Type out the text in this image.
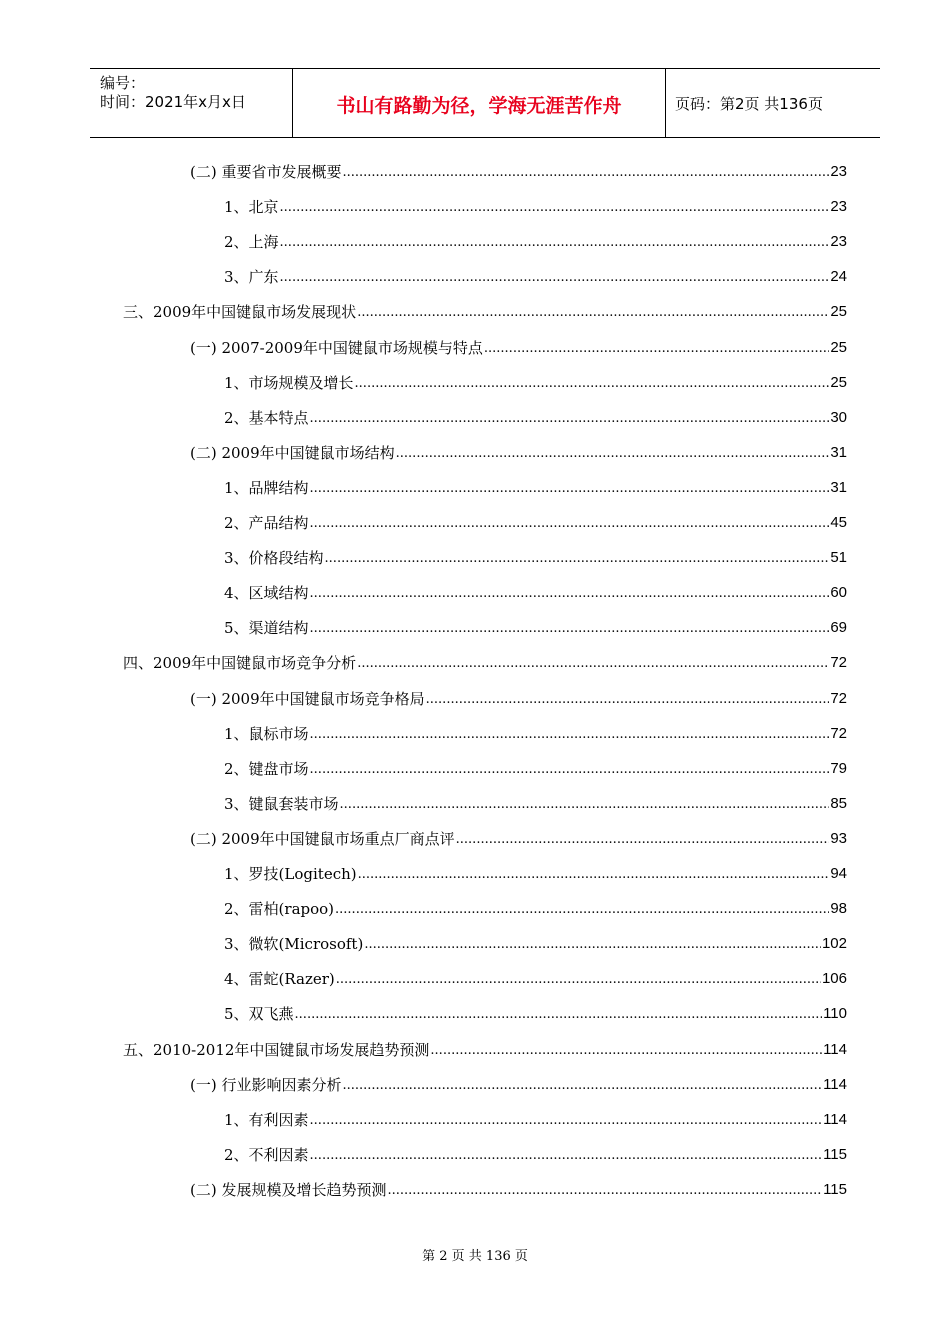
编号：
时间：2021年x月x日	书山有路勤为径，学海无涯苦作舟	页码：第2页 共136页
(二) 重要省市发展概要 .....	23
1、北京 .....	23
2、上海 .....	23
3、广东 .....	24
三、2009年中国键鼠市场发展现状 .....	25
(一) 2007-2009年中国键鼠市场规模与特点 .....	25
1、市场规模及增长 .....	25
2、基本特点 .....	30
(二) 2009年中国键鼠市场结构 .....	31
1、品牌结构 .....	31
2、产品结构 .....	45
3、价格段结构 .....	51
4、区域结构 .....	60
5、渠道结构 .....	69
四、2009年中国键鼠市场竞争分析 .....	72
(一) 2009年中国键鼠市场竞争格局 .....	72
1、鼠标市场 .....	72
2、键盘市场 .....	79
3、键鼠套装市场 .....	85
(二) 2009年中国键鼠市场重点厂商点评 .....	93
1、罗技(Logitech) .....	94
2、雷柏(rapoo) .....	98
3、微软(Microsoft) .....	102
4、雷蛇(Razer) .....	106
5、双飞燕 .....	110
五、2010-2012年中国键鼠市场发展趋势预测 .....	114
(一) 行业影响因素分析 .....	114
1、有利因素 .....	114
2、不利因素 .....	115
(二) 发展规模及增长趋势预测 .....	115
第 2 页 共 136 页
